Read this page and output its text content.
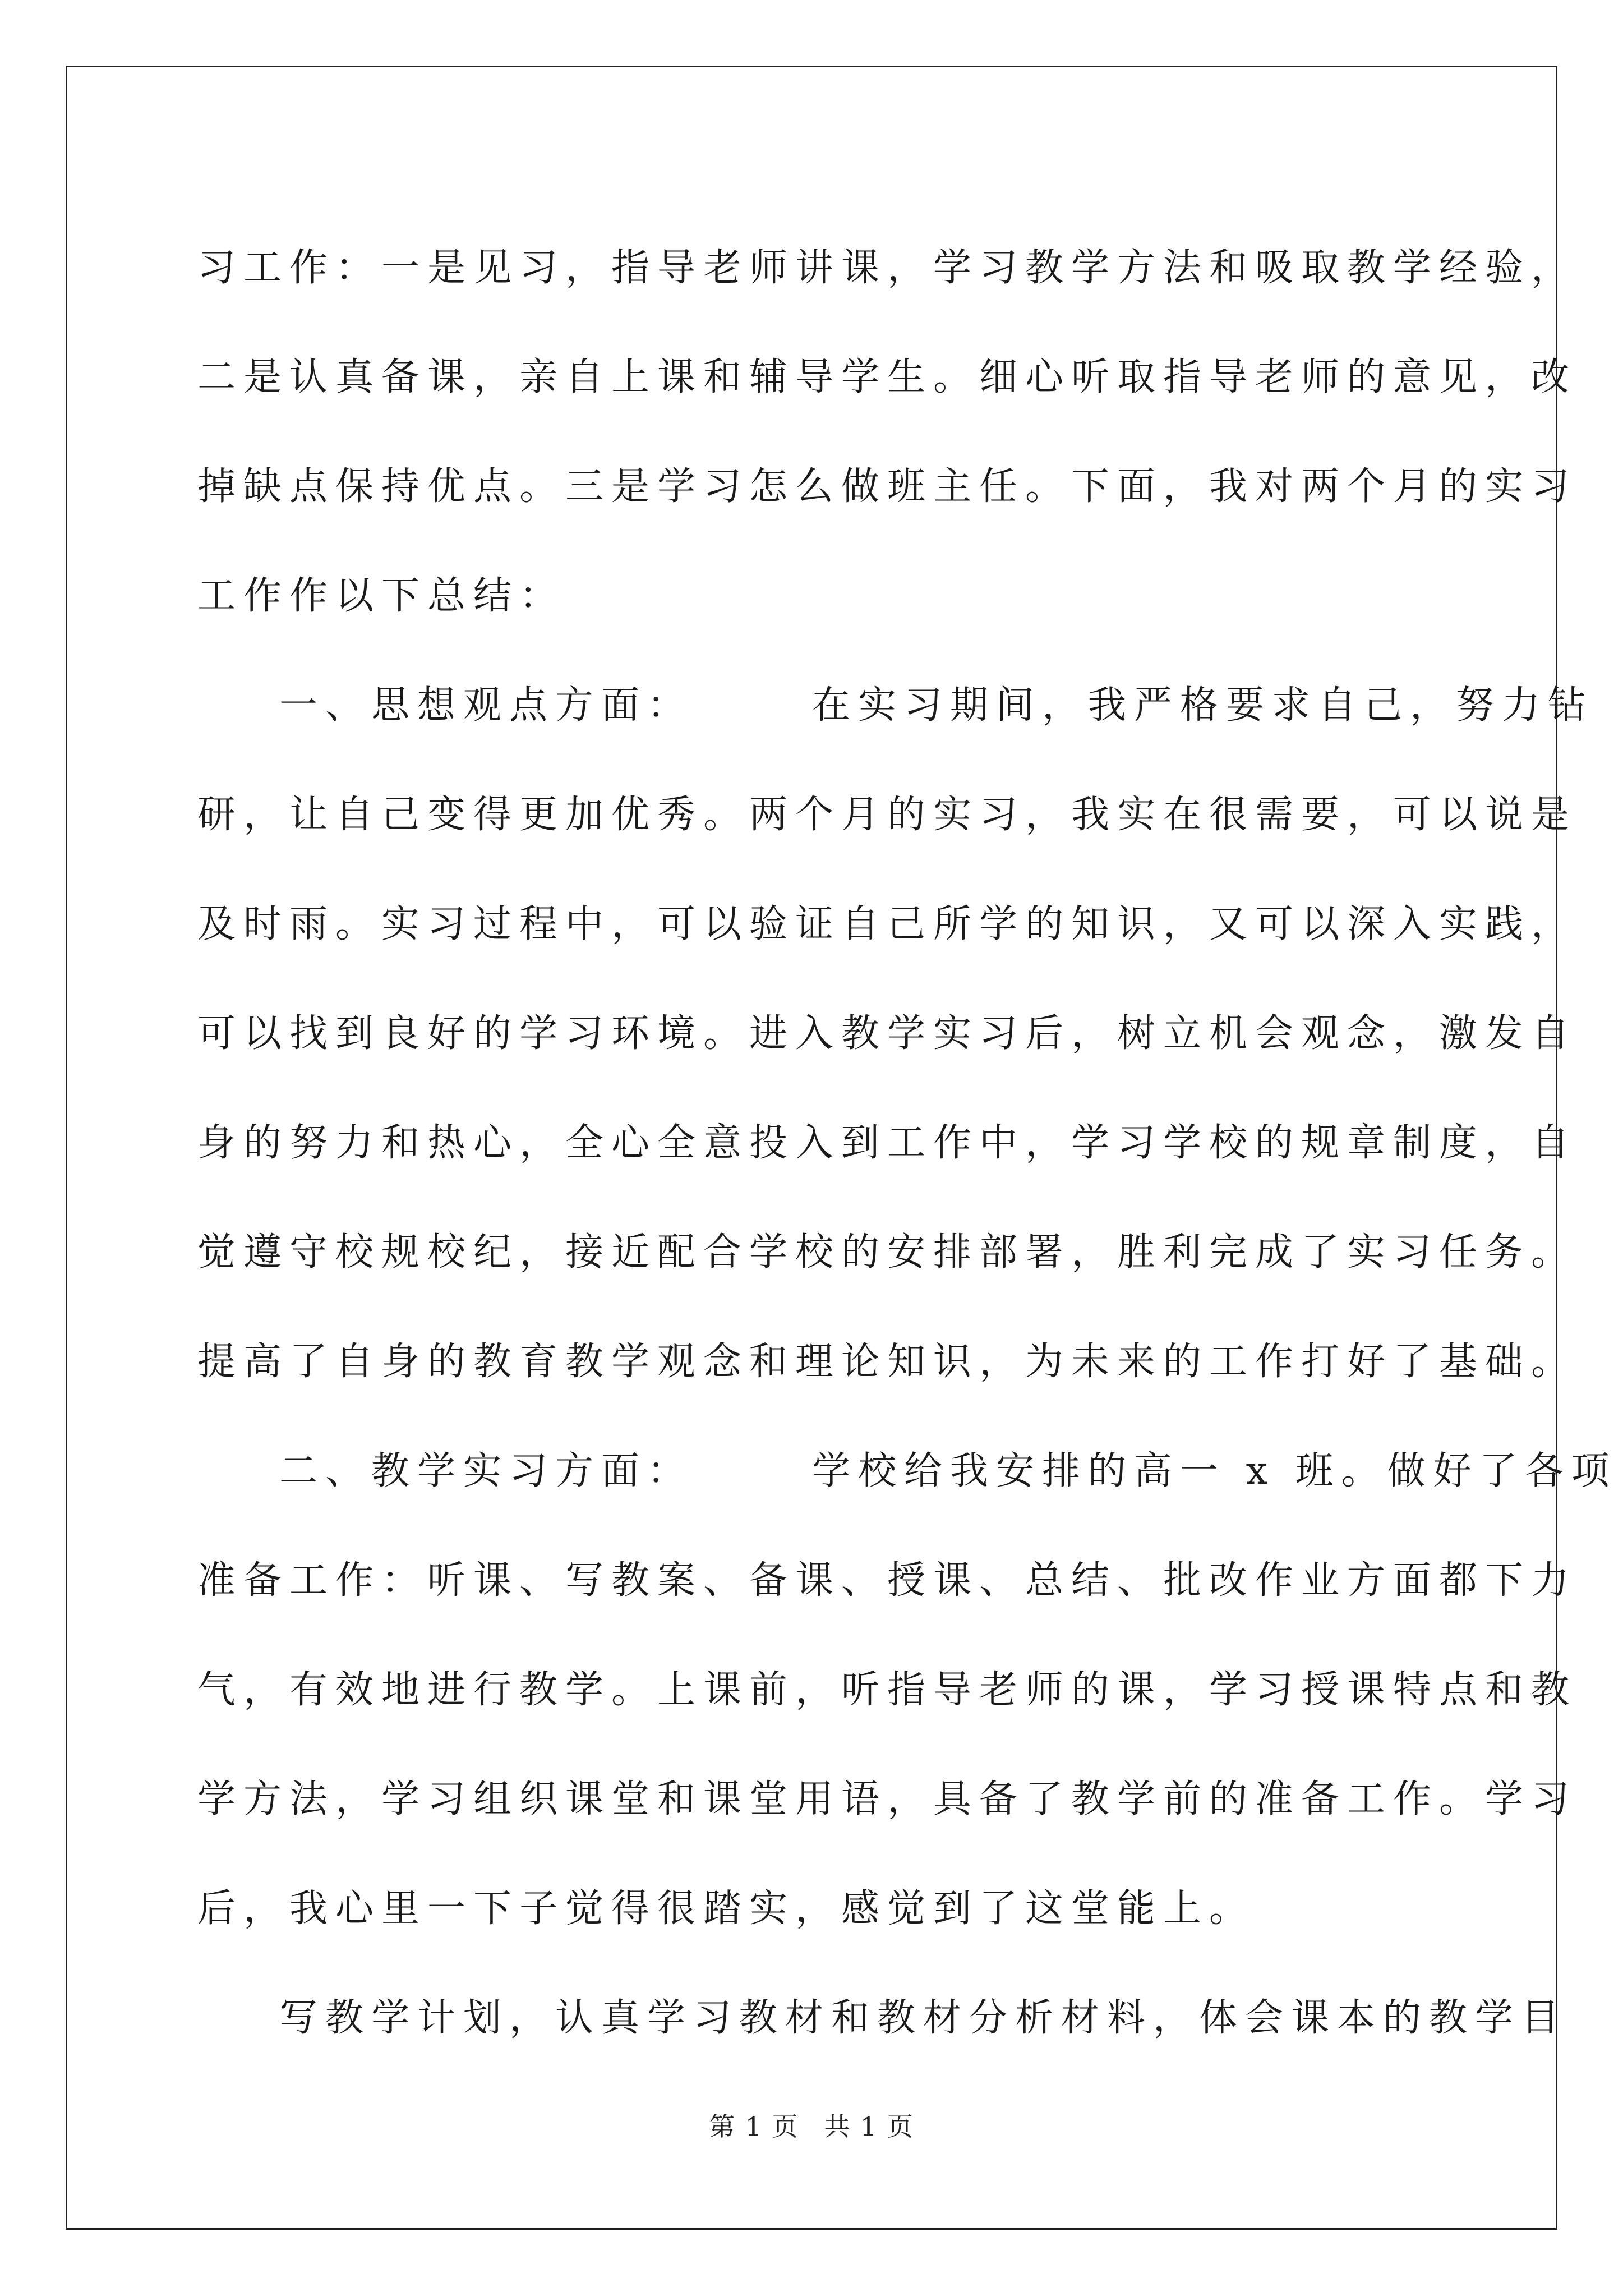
习工作：一是见习，指导老师讲课，学习教学方法和吸取教学经验，
二是认真备课，亲自上课和辅导学生。细心听取指导老师的意见，改
掉缺点保持优点。三是学习怎么做班主任。下面，我对两个月的实习
工作作以下总结：
一、思想观点方面：　　　在实习期间，我严格要求自己，努力钻
研，让自己变得更加优秀。两个月的实习，我实在很需要，可以说是
及时雨。实习过程中，可以验证自己所学的知识，又可以深入实践，
可以找到良好的学习环境。进入教学实习后，树立机会观念，激发自
身的努力和热心，全心全意投入到工作中，学习学校的规章制度，自
觉遵守校规校纪，接近配合学校的安排部署，胜利完成了实习任务。
提高了自身的教育教学观念和理论知识，为未来的工作打好了基础。
二、教学实习方面：　　　学校给我安排的高一 x 班。做好了各项
准备工作：听课、写教案、备课、授课、总结、批改作业方面都下力
气，有效地进行教学。上课前，听指导老师的课，学习授课特点和教
学方法，学习组织课堂和课堂用语，具备了教学前的准备工作。学习
后，我心里一下子觉得很踏实，感觉到了这堂能上。
写教学计划，认真学习教材和教材分析材料，体会课本的教学目
第 1 页 共 1 页
